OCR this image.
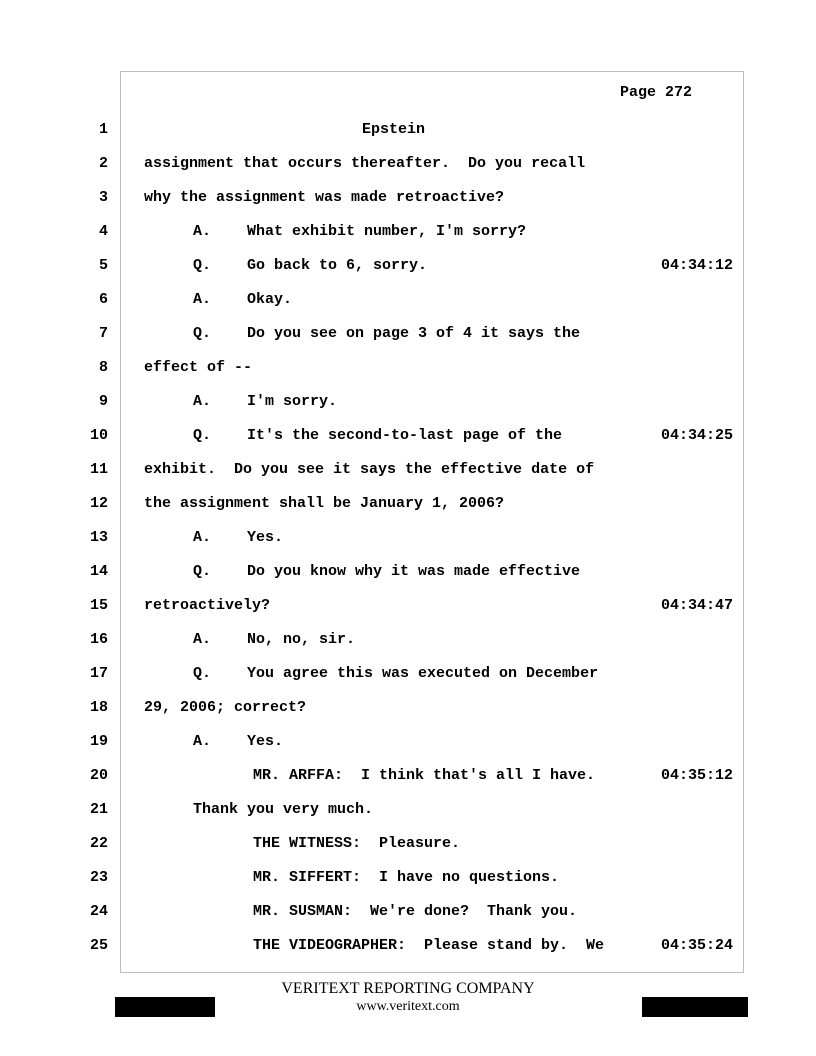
Page 272
1	Epstein
2 assignment that occurs thereafter.  Do you recall
3 why the assignment was made retroactive?
4	A.    What exhibit number, I'm sorry?
5	Q.    Go back to 6, sorry.	04:34:12
6	A.    Okay.
7	Q.    Do you see on page 3 of 4 it says the
8 effect of --
9	A.    I'm sorry.
10	Q.    It's the second-to-last page of the	04:34:25
11 exhibit.  Do you see it says the effective date of
12 the assignment shall be January 1, 2006?
13	A.    Yes.
14	Q.    Do you know why it was made effective
15 retroactively?	04:34:47
16	A.    No, no, sir.
17	Q.    You agree this was executed on December
18 29, 2006; correct?
19	A.    Yes.
20	MR. ARFFA:  I think that's all I have.	04:35:12
21	Thank you very much.
22	THE WITNESS:  Pleasure.
23	MR. SIFFERT:  I have no questions.
24	MR. SUSMAN:  We're done?  Thank you.
25	THE VIDEOGRAPHER:  Please stand by.  We	04:35:24
VERITEXT REPORTING COMPANY
www.veritext.com
